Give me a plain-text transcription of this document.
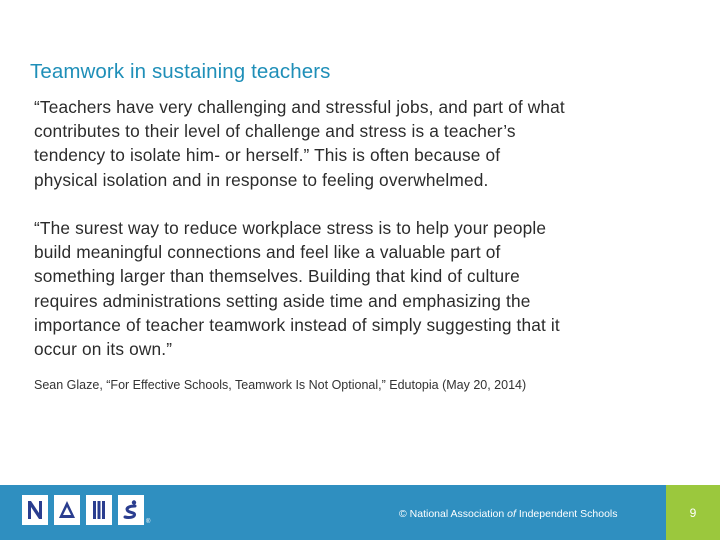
Teamwork in sustaining teachers
“Teachers have very challenging and stressful jobs, and part of what
contributes to their level of challenge and stress is a teacher’s
tendency to isolate him- or herself.” This is often because of
physical isolation and in response to feeling overwhelmed.
“The surest way to reduce workplace stress is to help your people
build meaningful connections and feel like a valuable part of
something larger than themselves. Building that kind of culture
requires administrations setting aside time and emphasizing the
importance of teacher teamwork instead of simply suggesting that it
occur on its own.”
Sean Glaze, “For Effective Schools, Teamwork Is Not Optional,” Edutopia (May 20, 2014)
®
© National Association of Independent Schools	9
